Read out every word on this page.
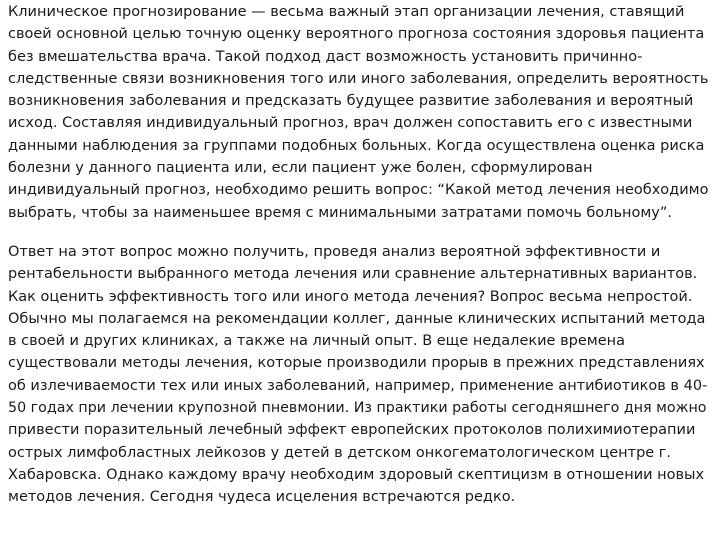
Клиническое прогнозирование — весьма важный этап организации лечения, ставящий
своей основной целью точную оценку вероятного прогноза состояния здоровья пациента
без вмешательства врача. Такой подход даст возможность установить причинно-
следственные связи возникновения того или иного заболевания, определить вероятность
возникновения заболевания и предсказать будущее развитие заболевания и вероятный
исход. Составляя индивидуальный прогноз, врач должен сопоставить его с известными
данными наблюдения за группами подобных больных. Когда осуществлена оценка риска
болезни у данного пациента или, если пациент уже болен, сформулирован
индивидуальный прогноз, необходимо решить вопрос: “Какой метод лечения необходимо
выбрать, чтобы за наименьшее время с минимальными затратами помочь больному”.

Ответ на этот вопрос можно получить, проведя анализ вероятной эффективности и
рентабельности выбранного метода лечения или сравнение альтернативных вариантов.
Как оценить эффективность того или иного метода лечения? Вопрос весьма непростой.
Обычно мы полагаемся на рекомендации коллег, данные клинических испытаний метода
в своей и других клиниках, а также на личный опыт. В еще недалекие времена
существовали методы лечения, которые производили прорыв в прежних представлениях
об излечиваемости тех или иных заболеваний, например, применение антибиотиков в 40-
50 годах при лечении крупозной пневмонии. Из практики работы сегодняшнего дня можно
привести поразительный лечебный эффект европейских протоколов полихимиотерапии
острых лимфобластных лейкозов у детей в детском онкогематологическом центре г.
Хабаровска. Однако каждому врачу необходим здоровый скептицизм в отношении новых
методов лечения. Сегодня чудеса исцеления встречаются редко.
